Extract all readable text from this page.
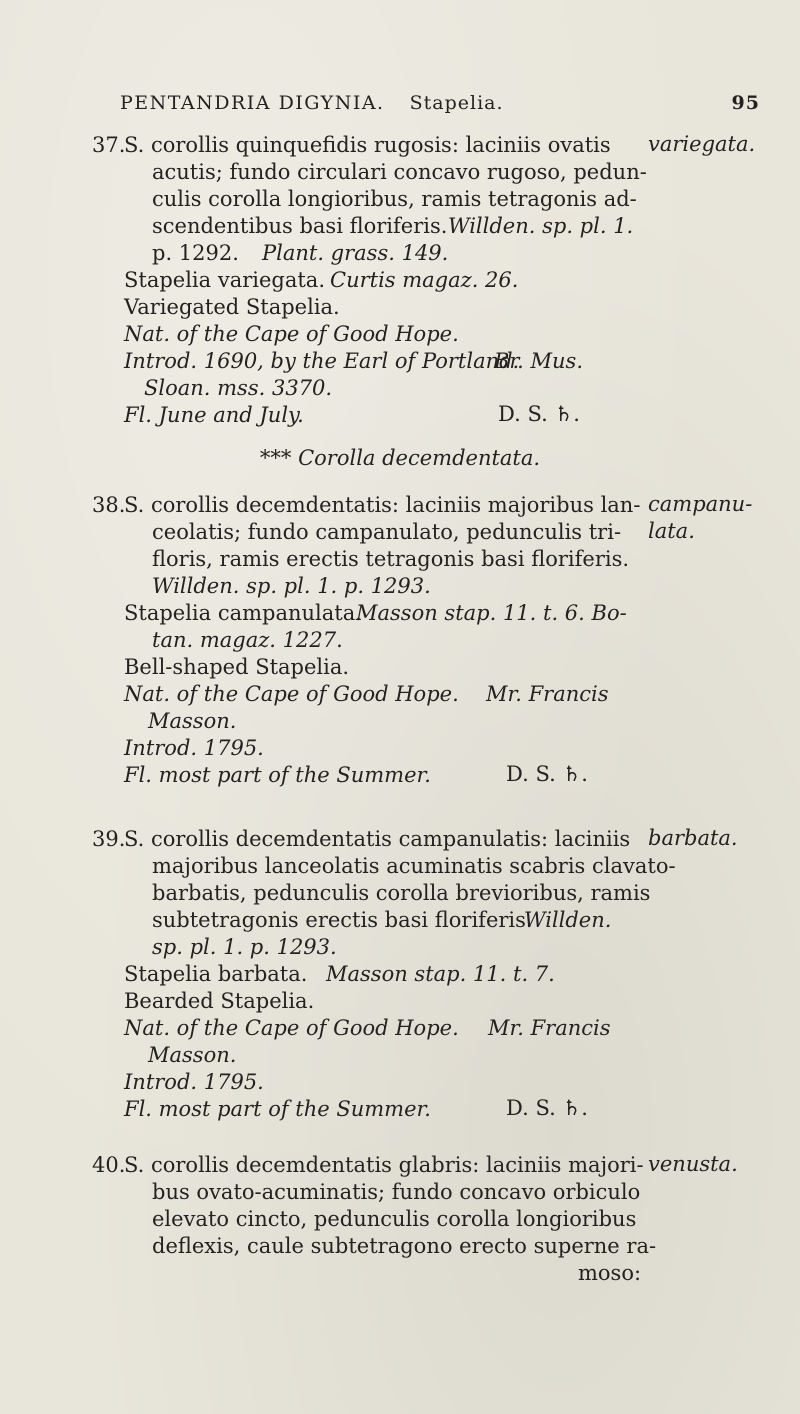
PENTANDRIA DIGYNIA. Stapelia.	95
37.
S. corollis quinquefidis rugosis: laciniis ovatis variegata.
acutis; fundo circulari concavo rugoso, pedun-
culis corolla longioribus, ramis tetragonis ad-
scendentibus basi floriferis. Willden. sp. pl. 1.
p. 1292. Plant. grass. 149.
Stapelia variegata. Curtis magaz. 26.
Variegated Stapelia.
Nat. of the Cape of Good Hope.
Introd. 1690, by the Earl of Portland.
Br. Mus.
Sloan. mss. 3370.
Fl. June and July.	D. S. ♄.
*** Corolla decemdentata.
38.
S. corollis decemdentatis: laciniis majoribus lan- campanu-
lata.
ceolatis; fundo campanulato, pedunculis tri-
floris, ramis erectis tetragonis basi floriferis.
Willden. sp. pl. 1. p. 1293.
Stapelia campanulata.
Masson stap. 11. t. 6. Bo-
tan. magaz. 1227.
Bell-shaped Stapelia.
Nat. of the Cape of Good Hope. Mr. Francis
Masson.
Introd. 1795.
Fl. most part of the Summer.	D. S. ♄.
39.
S. corollis decemdentatis campanulatis: laciniis barbata.
majoribus lanceolatis acuminatis scabris clavato-
barbatis, pedunculis corolla brevioribus, ramis
subtetragonis erectis basi floriferis.
Willden.
sp. pl. 1. p. 1293.
Stapelia barbata. Masson stap. 11. t. 7.
Bearded Stapelia.
Nat. of the Cape of Good Hope. Mr. Francis
Masson.
Introd. 1795.
Fl. most part of the Summer.	D. S. ♄.
40.
S. corollis decemdentatis glabris: laciniis majori- venusta.
bus ovato-acuminatis; fundo concavo orbiculo
elevato cincto, pedunculis corolla longioribus
deflexis, caule subtetragono erecto superne ra-
moso:
